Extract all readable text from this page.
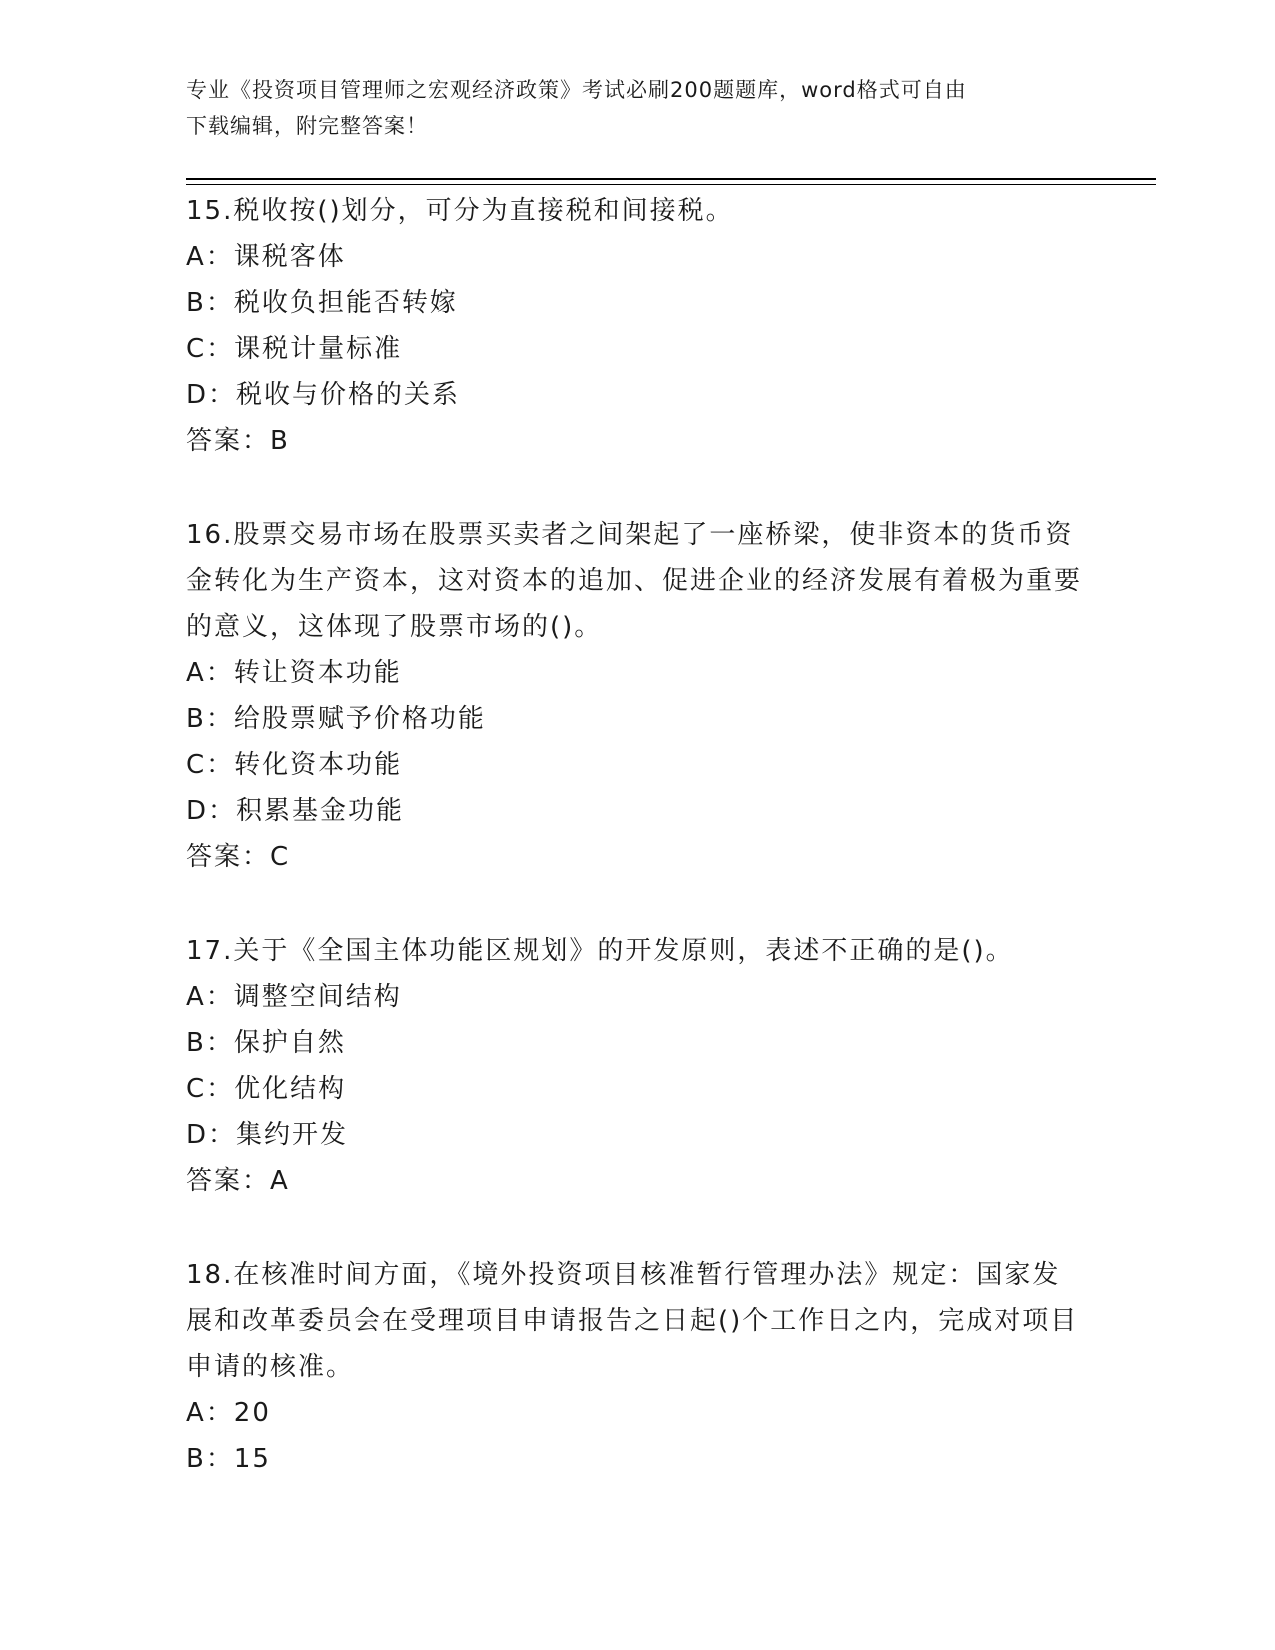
专业《投资项目管理师之宏观经济政策》考试必刷200题题库，word格式可自由
下载编辑，附完整答案！
15.税收按()划分，可分为直接税和间接税。
A：课税客体
B：税收负担能否转嫁
C：课税计量标准
D：税收与价格的关系
答案：B
16.股票交易市场在股票买卖者之间架起了一座桥梁，使非资本的货币资金转化为生产资本，这对资本的追加、促进企业的经济发展有着极为重要的意义，这体现了股票市场的()。
A：转让资本功能
B：给股票赋予价格功能
C：转化资本功能
D：积累基金功能
答案：C
17.关于《全国主体功能区规划》的开发原则，表述不正确的是()。
A：调整空间结构
B：保护自然
C：优化结构
D：集约开发
答案：A
18.在核准时间方面，《境外投资项目核准暂行管理办法》规定：国家发展和改革委员会在受理项目申请报告之日起()个工作日之内，完成对项目申请的核准。
A：20
B：15
